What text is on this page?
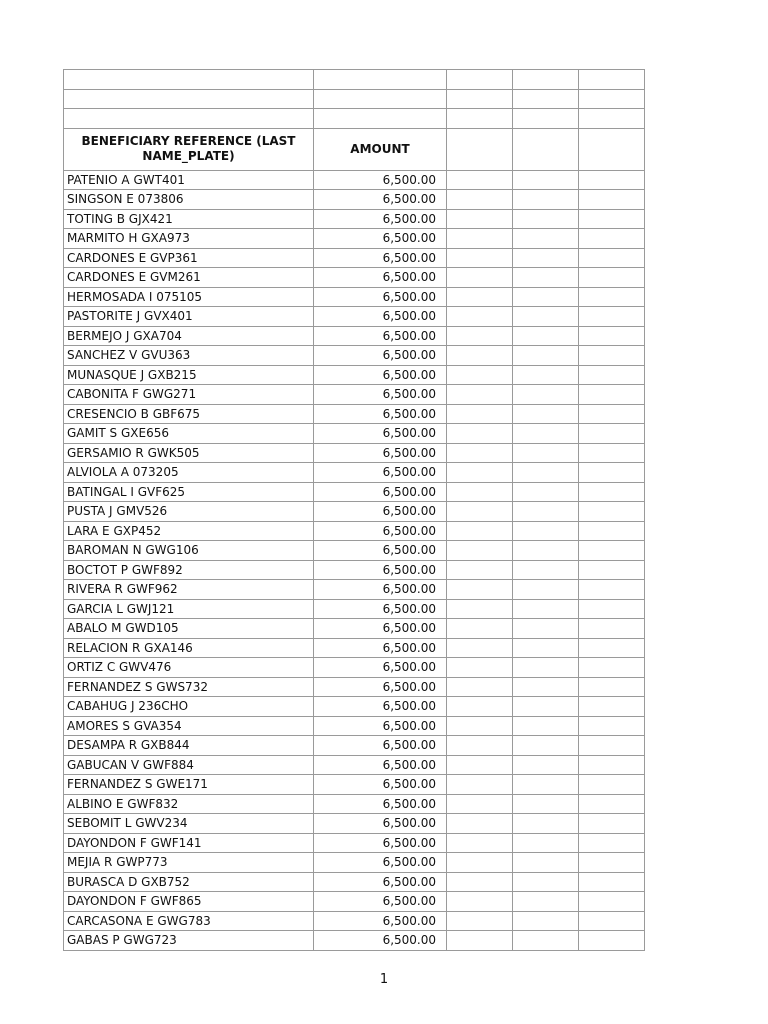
BENEFICIARY REFERENCE (LAST NAME_PLATE)	AMOUNT			
PATENIO A GWT401	6,500.00			
SINGSON E 073806	6,500.00			
TOTING B GJX421	6,500.00			
MARMITO H GXA973	6,500.00			
CARDONES E GVP361	6,500.00			
CARDONES E GVM261	6,500.00			
HERMOSADA I 075105	6,500.00			
PASTORITE J GVX401	6,500.00			
BERMEJO J GXA704	6,500.00			
SANCHEZ V GVU363	6,500.00			
MUNASQUE J GXB215	6,500.00			
CABONITA F GWG271	6,500.00			
CRESENCIO B GBF675	6,500.00			
GAMIT S GXE656	6,500.00			
GERSAMIO R GWK505	6,500.00			
ALVIOLA A 073205	6,500.00			
BATINGAL I GVF625	6,500.00			
PUSTA J GMV526	6,500.00			
LARA E GXP452	6,500.00			
BAROMAN N GWG106	6,500.00			
BOCTOT P GWF892	6,500.00			
RIVERA R GWF962	6,500.00			
GARCIA L GWJ121	6,500.00			
ABALO M GWD105	6,500.00			
RELACION R GXA146	6,500.00			
ORTIZ C GWV476	6,500.00			
FERNANDEZ S GWS732	6,500.00			
CABAHUG J 236CHO	6,500.00			
AMORES S GVA354	6,500.00			
DESAMPA R GXB844	6,500.00			
GABUCAN V GWF884	6,500.00			
FERNANDEZ S GWE171	6,500.00			
ALBINO E GWF832	6,500.00			
SEBOMIT L GWV234	6,500.00			
DAYONDON F GWF141	6,500.00			
MEJIA R GWP773	6,500.00			
BURASCA D GXB752	6,500.00			
DAYONDON F GWF865	6,500.00			
CARCASONA E GWG783	6,500.00			
GABAS P GWG723	6,500.00			
1
